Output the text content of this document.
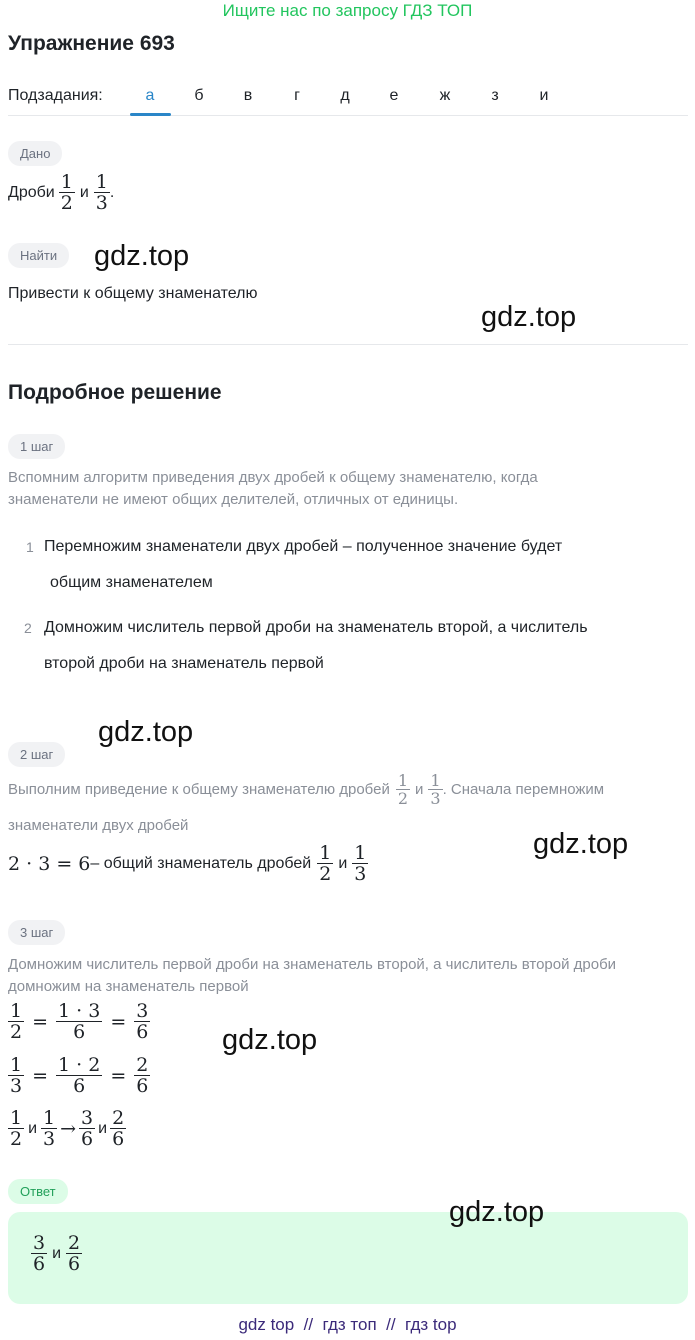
Ищите нас по запросу ГДЗ ТОП
Упражнение 693
Подзадания:	а	б	в	г	д	е	ж	з	и
Дано
Дроби $\frac{1}{2}$ и $\frac{1}{3}$ .
Найти
Привести к общему знаменателю
Подробное решение
1 шаг
Вспомним алгоритм приведения двух дробей к общему знаменателю, когда
знаменатели не имеют общих делителей, отличных от единицы.
1 Перемножим знаменатели двух дробей – полученное значение будет
общим знаменателем
2 Домножим числитель первой дроби на знаменатель второй, а числитель
второй дроби на знаменатель первой
2 шаг
Выполним приведение к общему знаменателю дробей $\frac{1}{2}$ и $\frac{1}{3}$ . Сначала перемножим
знаменатели двух дробей
2 · 3 = 6 – общий знаменатель дробей $\frac{1}{2}$ и $\frac{1}{3}$
3 шаг
Домножим числитель первой дроби на знаменатель второй, а числитель второй дроби
домножим на знаменатель первой
$\frac{1}{2} = \frac{1 \cdot 3}{6} = \frac{3}{6}$
$\frac{1}{3} = \frac{1 \cdot 2}{6} = \frac{2}{6}$
$\frac{1}{2}$ и $\frac{1}{3} \to \frac{3}{6}$ и $\frac{2}{6}$
Ответ
$\frac{3}{6}$ и $\frac{2}{6}$
gdz.top
gdz.top
gdz.top
gdz.top
gdz.top
gdz.top
gdz top  //  гдз топ  //  гдз top
